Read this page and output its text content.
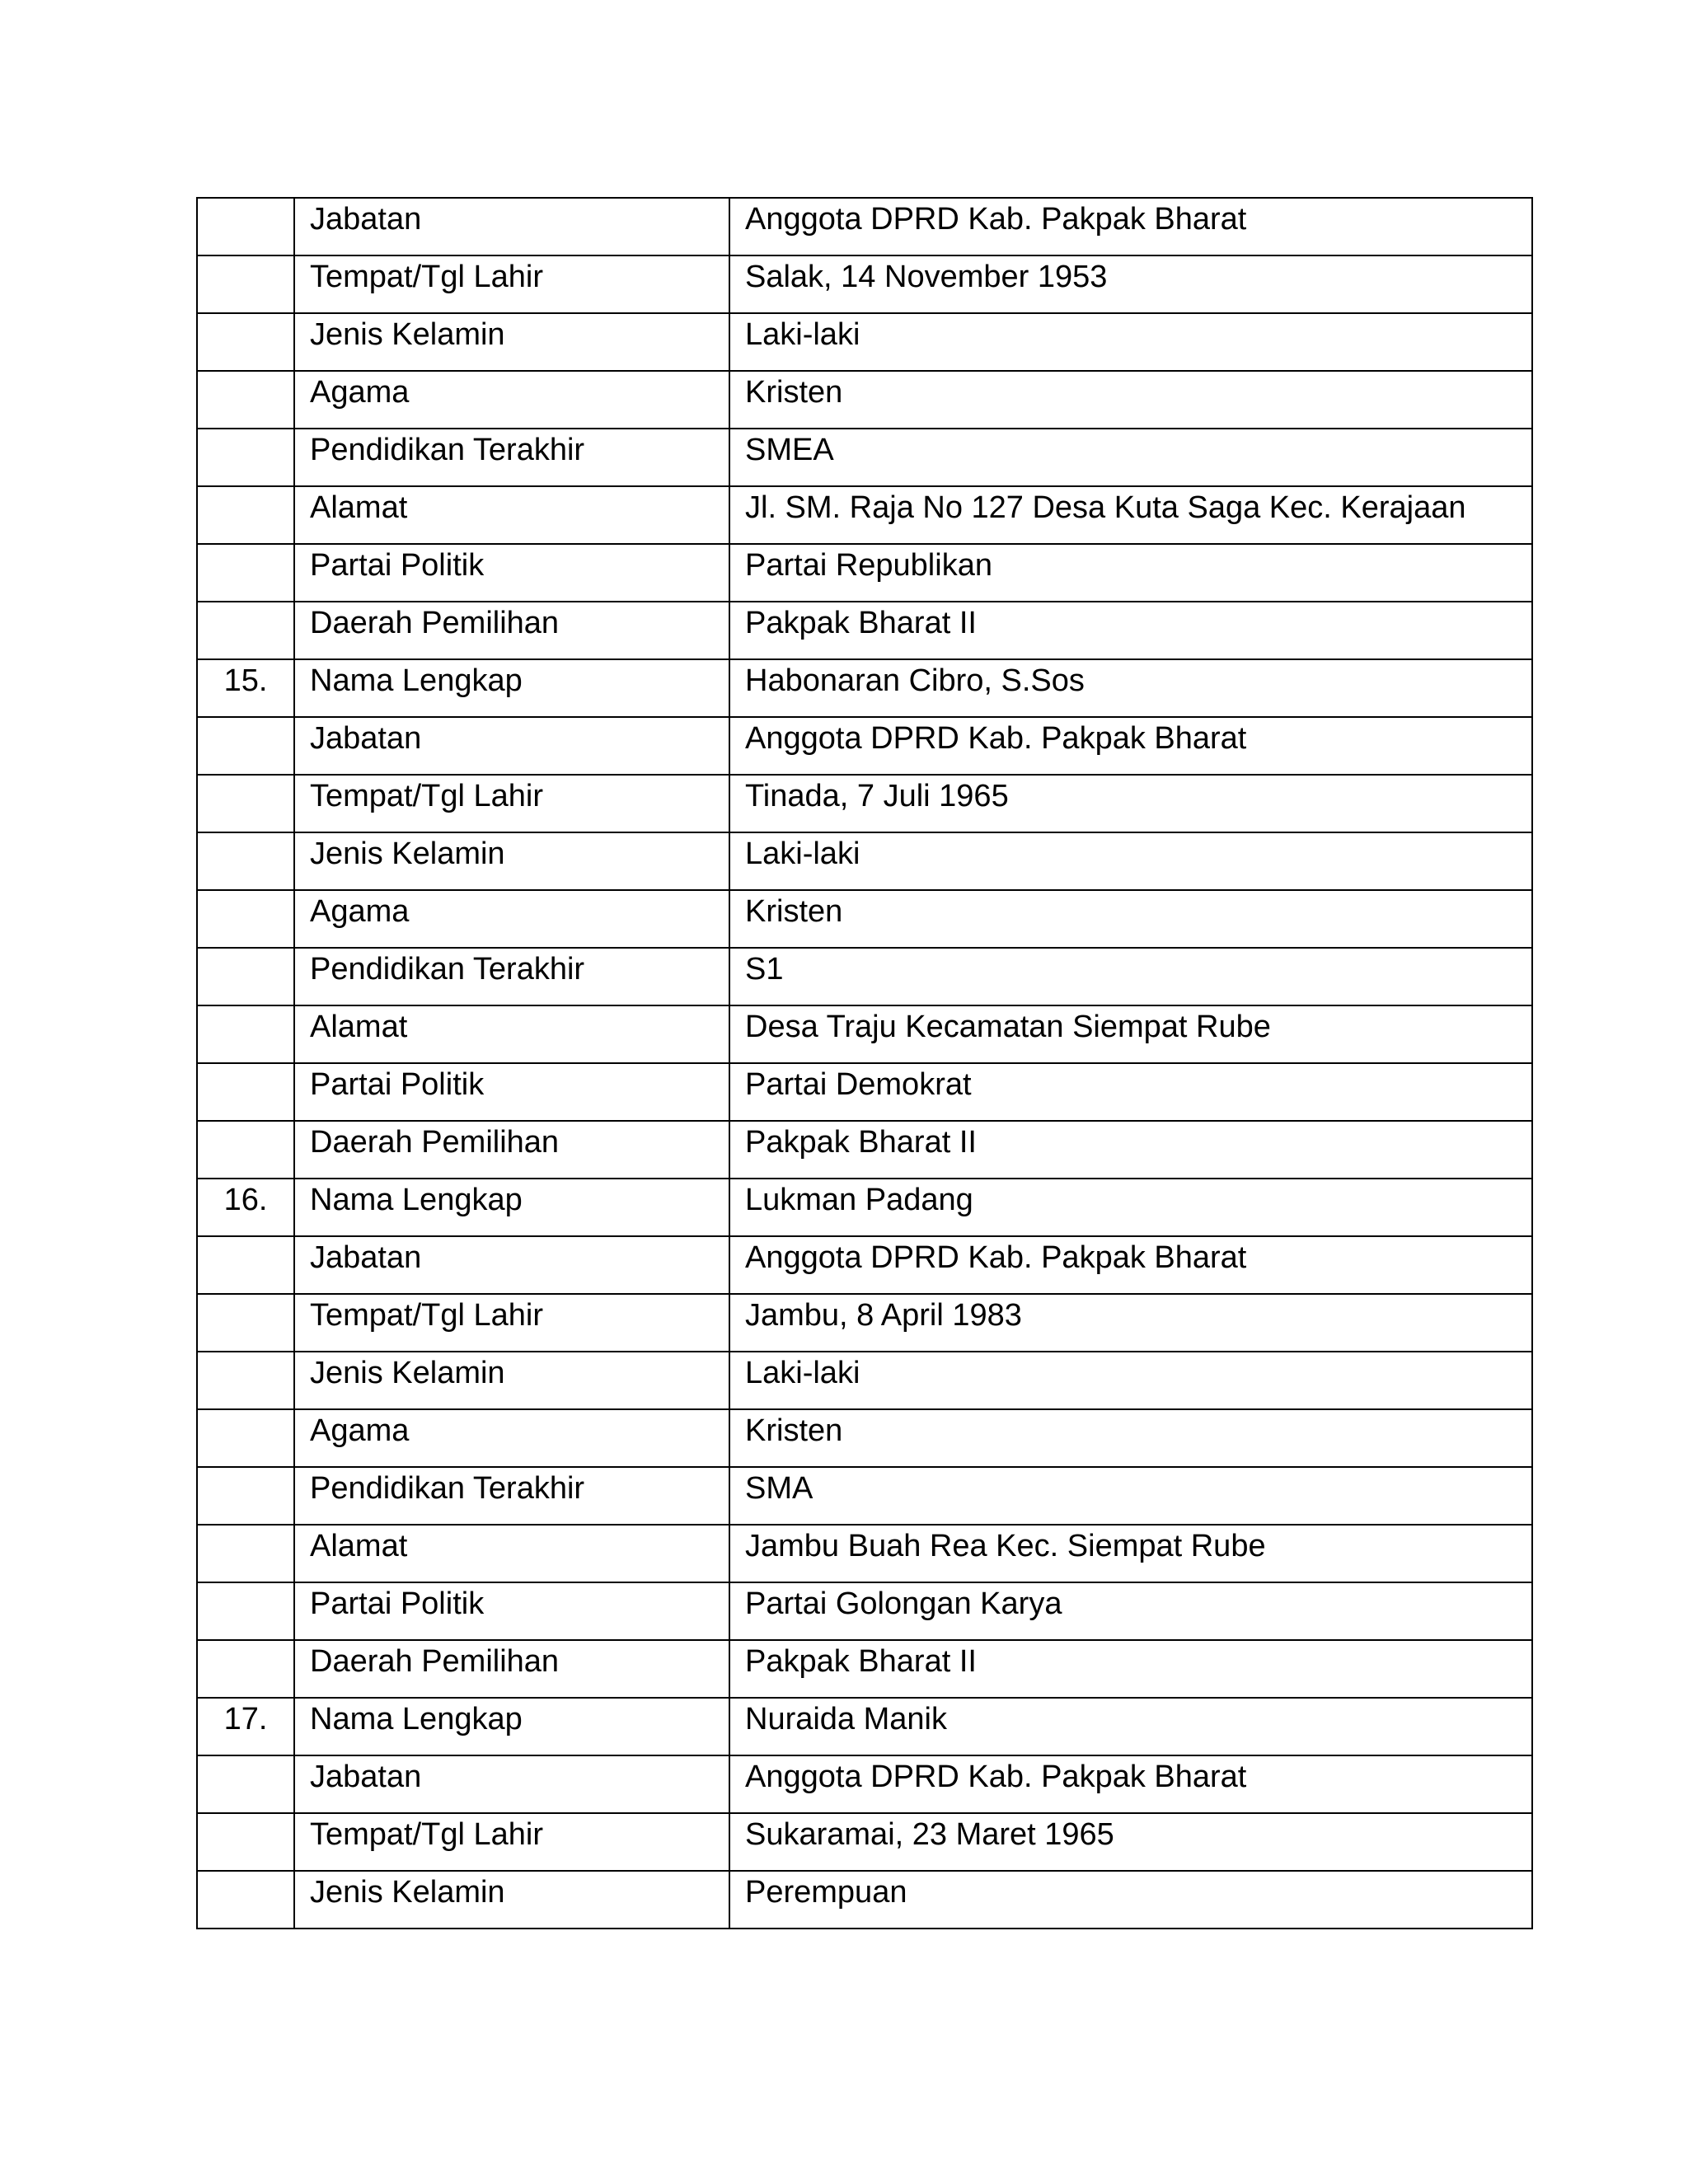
	Jabatan	Anggota DPRD Kab. Pakpak Bharat
	Tempat/Tgl Lahir	Salak, 14 November 1953
	Jenis Kelamin	Laki-laki
	Agama	Kristen
	Pendidikan Terakhir	SMEA
	Alamat	Jl. SM. Raja No 127 Desa Kuta Saga Kec. Kerajaan
	Partai Politik	Partai Republikan
	Daerah Pemilihan	Pakpak Bharat II
15.	Nama Lengkap	Habonaran Cibro, S.Sos
	Jabatan	Anggota DPRD Kab. Pakpak Bharat
	Tempat/Tgl Lahir	Tinada, 7 Juli 1965
	Jenis Kelamin	Laki-laki
	Agama	Kristen
	Pendidikan Terakhir	S1
	Alamat	Desa Traju Kecamatan Siempat Rube
	Partai Politik	Partai Demokrat
	Daerah Pemilihan	Pakpak Bharat II
16.	Nama Lengkap	Lukman Padang
	Jabatan	Anggota DPRD Kab. Pakpak Bharat
	Tempat/Tgl Lahir	Jambu, 8 April 1983
	Jenis Kelamin	Laki-laki
	Agama	Kristen
	Pendidikan Terakhir	SMA
	Alamat	Jambu Buah Rea Kec. Siempat Rube
	Partai Politik	Partai Golongan Karya
	Daerah Pemilihan	Pakpak Bharat II
17.	Nama Lengkap	Nuraida Manik
	Jabatan	Anggota DPRD Kab. Pakpak Bharat
	Tempat/Tgl Lahir	Sukaramai, 23 Maret 1965
	Jenis Kelamin	Perempuan
